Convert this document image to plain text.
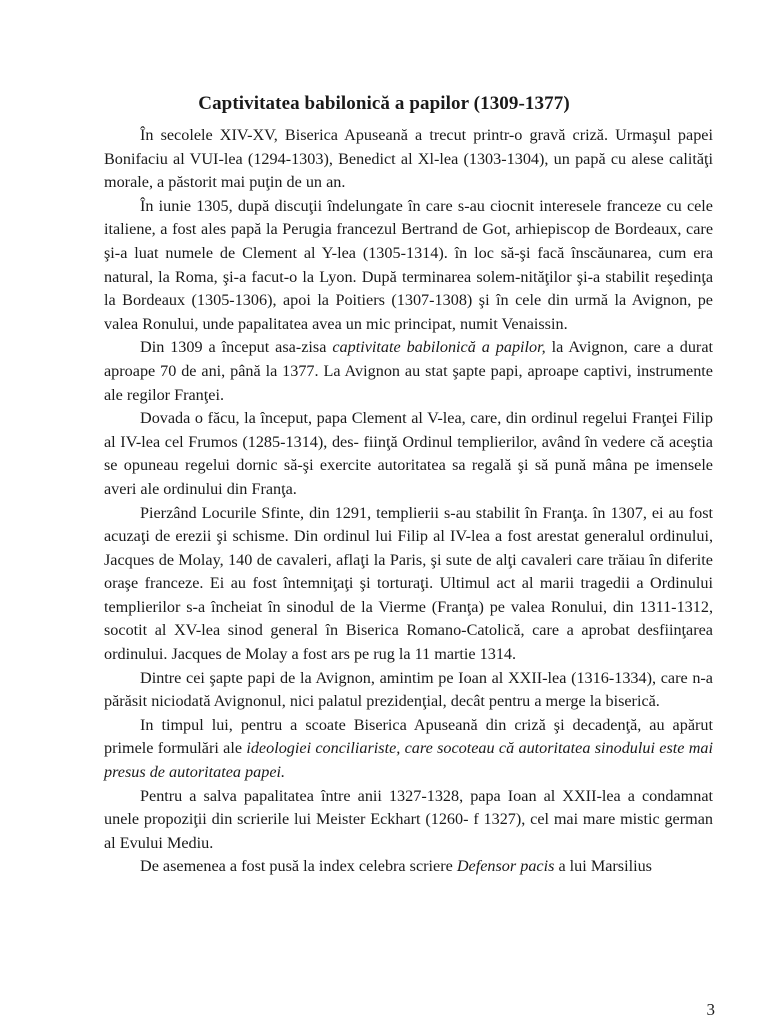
Captivitatea babilonică a papilor (1309-1377)

În secolele XIV-XV, Biserica Apuseană a trecut printr-o gravă criză. Urmaşul papei Bonifaciu al VUI-lea (1294-1303), Benedict al Xl-lea (1303-1304), un papă cu alese calităţi morale, a păstorit mai puţin de un an.

În iunie 1305, după discuţii îndelungate în care s-au ciocnit interesele franceze cu cele italiene, a fost ales papă la Perugia francezul Bertrand de Got, arhiepiscop de Bordeaux, care şi-a luat numele de Clement al Y-lea (1305-1314). în loc să-şi facă înscăunarea, cum era natural, la Roma, şi-a facut-o la Lyon. După terminarea solem-nităţilor şi-a stabilit reşedinţa la Bordeaux (1305-1306), apoi la Poitiers (1307-1308) şi în cele din urmă la Avignon, pe valea Ronului, unde papalitatea avea un mic principat, numit Venaissin.

Din 1309 a început asa-zisa captivitate babilonică a papilor, la Avignon, care a durat aproape 70 de ani, până la 1377. La Avignon au stat şapte papi, aproape captivi, instrumente ale regilor Franţei.

Dovada o făcu, la început, papa Clement al V-lea, care, din ordinul regelui Franţei Filip al IV-lea cel Frumos (1285-1314), des- fiinţă Ordinul templierilor, având în vedere că aceştia se opuneau regelui dornic să-şi exercite autoritatea sa regală şi să pună mâna pe imensele averi ale ordinului din Franţa.

Pierzând Locurile Sfinte, din 1291, templierii s-au stabilit în Franţa. în 1307, ei au fost acuzaţi de erezii şi schisme. Din ordinul lui Filip al IV-lea a fost arestat generalul ordinului, Jacques de Molay, 140 de cavaleri, aflaţi la Paris, şi sute de alţi cavaleri care trăiau în diferite oraşe franceze. Ei au fost întemniţaţi şi torturaţi. Ultimul act al marii tragedii a Ordinului templierilor s-a încheiat în sinodul de la Vierme (Franţa) pe valea Ronului, din 1311-1312, socotit al XV-lea sinod general în Biserica Romano-Catolică, care a aprobat desfiinţarea ordinului. Jacques de Molay a fost ars pe rug la 11 martie 1314.

Dintre cei şapte papi de la Avignon, amintim pe Ioan al XXII-lea (1316-1334), care n-a părăsit niciodată Avignonul, nici palatul prezidenţial, decât pentru a merge la biserică.

In timpul lui, pentru a scoate Biserica Apuseană din criză şi decadenţă, au apărut primele formulări ale ideologiei conciliariste, care socoteau că autoritatea sinodului este mai presus de autoritatea papei.

Pentru a salva papalitatea între anii 1327-1328, papa Ioan al XXII-lea a condamnat unele propoziţii din scrierile lui Meister Eckhart (1260- f 1327), cel mai mare mistic german al Evului Mediu.

De asemenea a fost pusă la index celebra scriere Defensor pacis a lui Marsilius

3
